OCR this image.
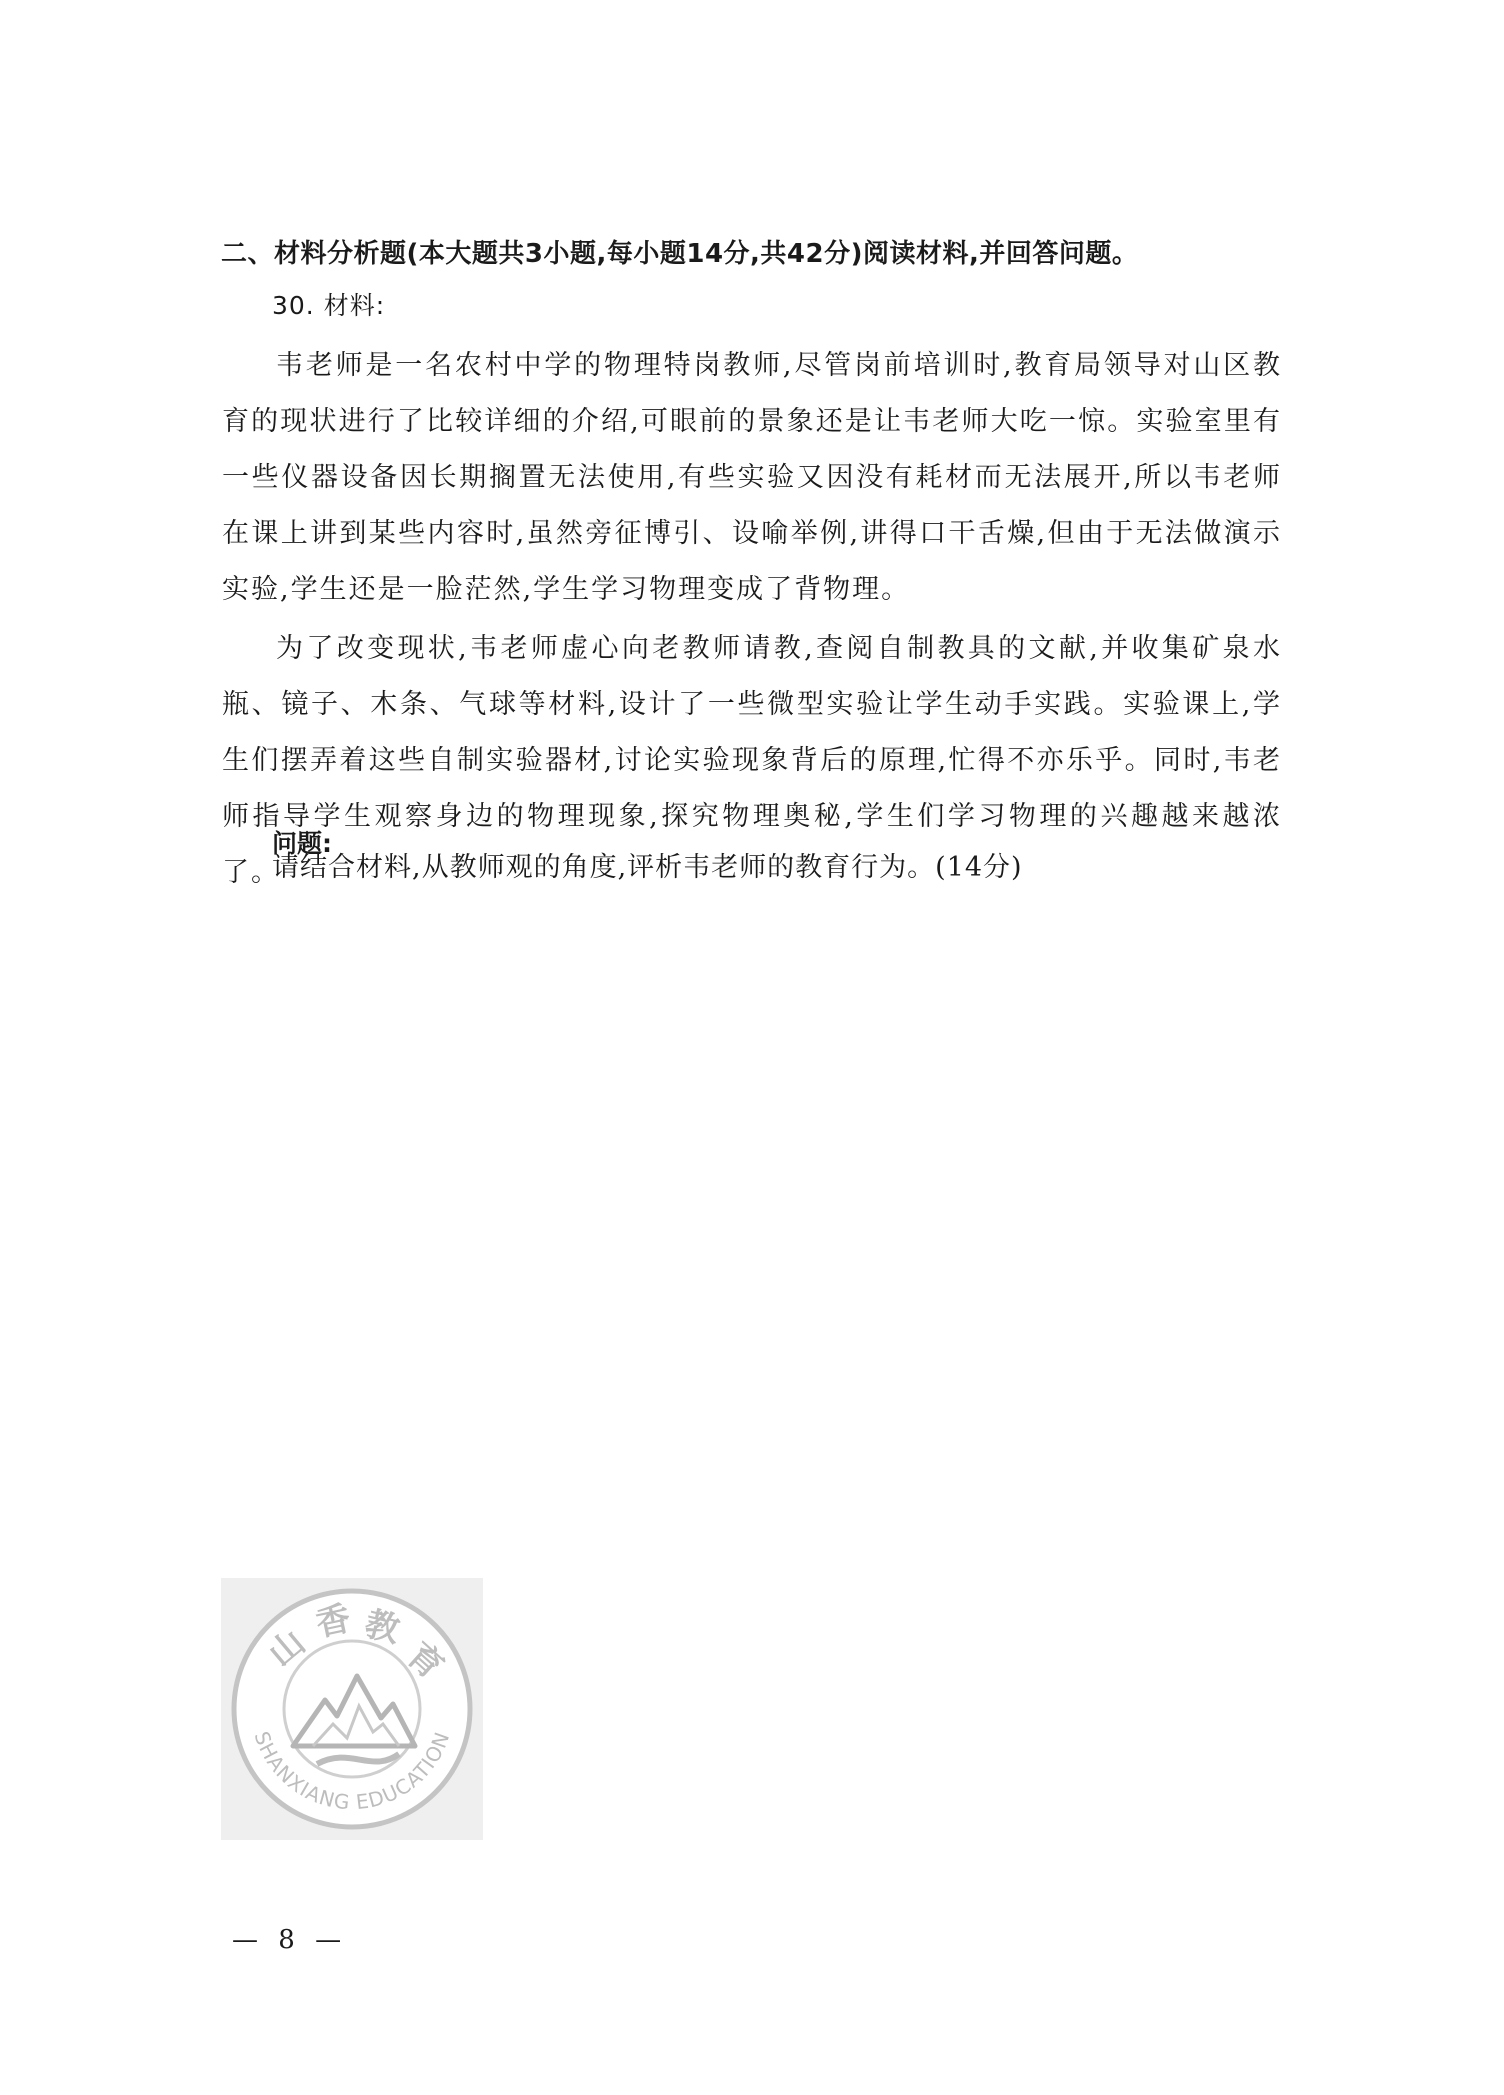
二、材料分析题(本大题共3小题,每小题14分,共42分)阅读材料,并回答问题。
30. 材料:

韦老师是一名农村中学的物理特岗教师,尽管岗前培训时,教育局领导对山区教育的现状进行了比较详细的介绍,可眼前的景象还是让韦老师大吃一惊。实验室里有一些仪器设备因长期搁置无法使用,有些实验又因没有耗材而无法展开,所以韦老师在课上讲到某些内容时,虽然旁征博引、设喻举例,讲得口干舌燥,但由于无法做演示实验,学生还是一脸茫然,学生学习物理变成了背物理。

为了改变现状,韦老师虚心向老教师请教,查阅自制教具的文献,并收集矿泉水瓶、镜子、木条、气球等材料,设计了一些微型实验让学生动手实践。实验课上,学生们摆弄着这些自制实验器材,讨论实验现象背后的原理,忙得不亦乐乎。同时,韦老师指导学生观察身边的物理现象,探究物理奥秘,学生们学习物理的兴趣越来越浓了。

问题:
请结合材料,从教师观的角度,评析韦老师的教育行为。(14分)
山
香 教
育
SHANXIANG EDUCATION
— 8 —
